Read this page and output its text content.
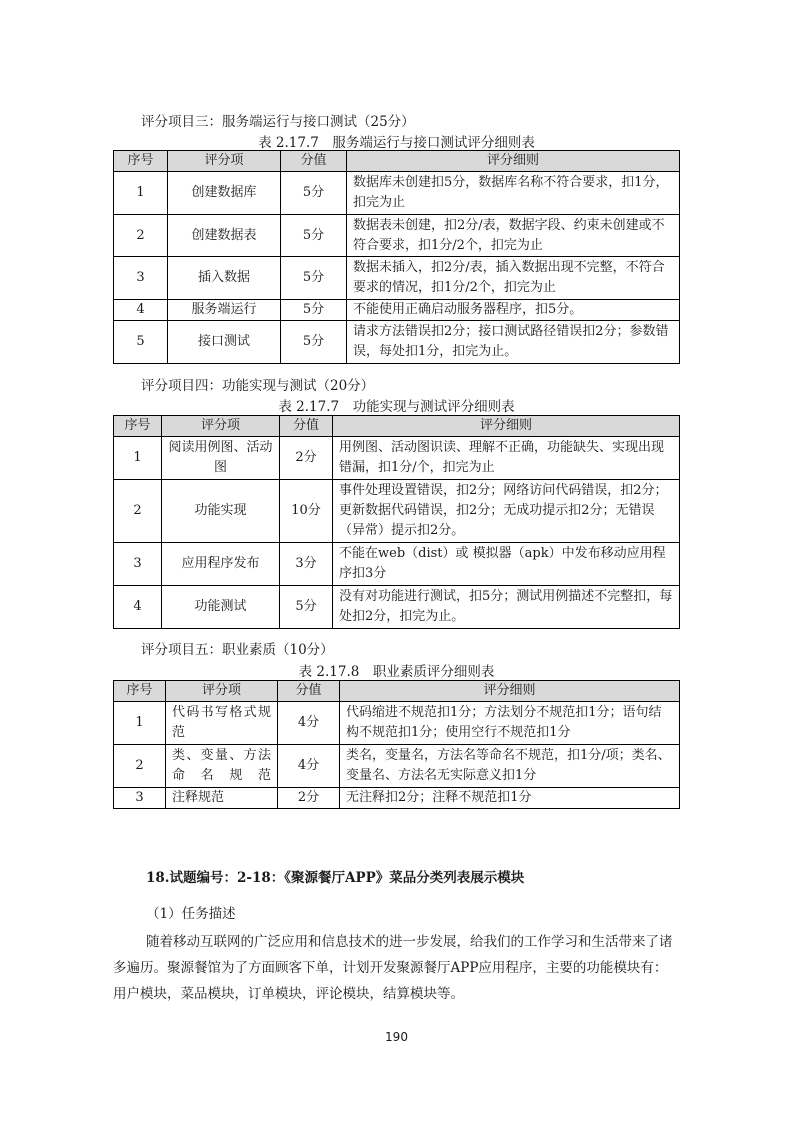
评分项目三：服务端运行与接口测试（25分）
表 2.17.7　服务端运行与接口测试评分细则表
序号	评分项	分值	评分细则
1	创建数据库	5分	数据库未创建扣5分，数据库名称不符合要求，扣1分，扣完为止
2	创建数据表	5分	数据表未创建，扣2分/表，数据字段、约束未创建或不符合要求，扣1分/2个，扣完为止
3	插入数据	5分	数据未插入，扣2分/表，插入数据出现不完整，不符合要求的情况，扣1分/2个，扣完为止
4	服务端运行	5分	不能使用正确启动服务器程序，扣5分。
5	接口测试	5分	请求方法错误扣2分；接口测试路径错误扣2分；参数错误，每处扣1分，扣完为止。
评分项目四：功能实现与测试（20分）
表 2.17.7　功能实现与测试评分细则表
序号	评分项	分值	评分细则
1	阅读用例图、活动图	2分	用例图、活动图识读、理解不正确，功能缺失、实现出现错漏，扣1分/个，扣完为止
2	功能实现	10分	事件处理设置错误，扣2分；网络访问代码错误，扣2分；更新数据代码错误，扣2分；无成功提示扣2分；无错误（异常）提示扣2分。
3	应用程序发布	3分	不能在web（dist）或 模拟器（apk）中发布移动应用程序扣3分
4	功能测试	5分	没有对功能进行测试，扣5分；测试用例描述不完整扣，每处扣2分，扣完为止。
评分项目五：职业素质（10分）
表 2.17.8　职业素质评分细则表
序号	评分项	分值	评分细则
1	代码书写格式规范	4分	代码缩进不规范扣1分；方法划分不规范扣1分；语句结构不规范扣1分；使用空行不规范扣1分
2	类、变量、方法命名规范	4分	类名，变量名，方法名等命名不规范，扣1分/项；类名、变量名、方法名无实际意义扣1分
3	注释规范	2分	无注释扣2分；注释不规范扣1分
18.试题编号：2-18：《聚源餐厅APP》菜品分类列表展示模块
（1）任务描述
随着移动互联网的广泛应用和信息技术的进一步发展，给我们的工作学习和生活带来了诸多遍历。聚源餐馆为了方面顾客下单，计划开发聚源餐厅APP应用程序，主要的功能模块有：用户模块，菜品模块，订单模块，评论模块，结算模块等。
190
